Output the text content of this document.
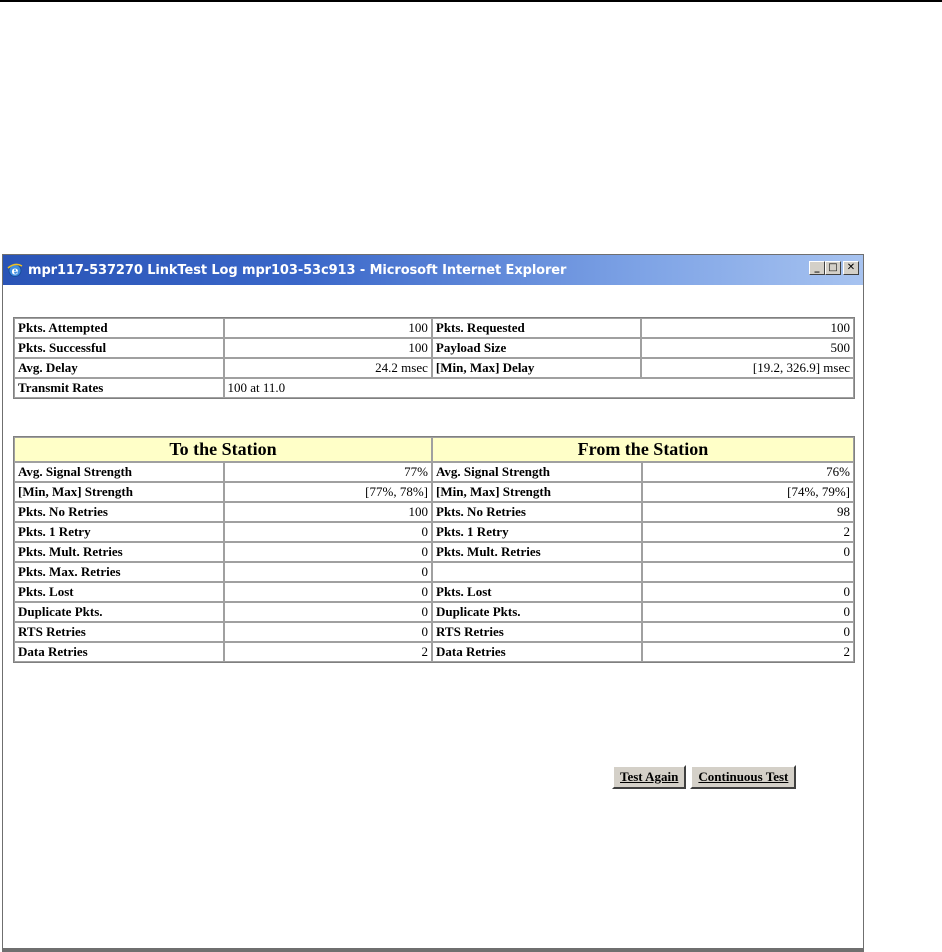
e mpr117-537270 LinkTest Log mpr103-53c913 - Microsoft Internet Explorer	_ □ ✕
Pkts. Attempted	100	Pkts. Requested	100
Pkts. Successful	100	Payload Size	500
Avg. Delay	24.2 msec	[Min, Max] Delay	[19.2, 326.9] msec
Transmit Rates	100 at 11.0		
To the Station		From the Station	
Avg. Signal Strength	77%	Avg. Signal Strength	76%
[Min, Max] Strength	[77%, 78%]	[Min, Max] Strength	[74%, 79%]
Pkts. No Retries	100	Pkts. No Retries	98
Pkts. 1 Retry	0	Pkts. 1 Retry	2
Pkts. Mult. Retries	0	Pkts. Mult. Retries	0
Pkts. Max. Retries	0		
Pkts. Lost	0	Pkts. Lost	0
Duplicate Pkts.	0	Duplicate Pkts.	0
RTS Retries	0	RTS Retries	0
Data Retries	2	Data Retries	2
Test Again	Continuous Test
